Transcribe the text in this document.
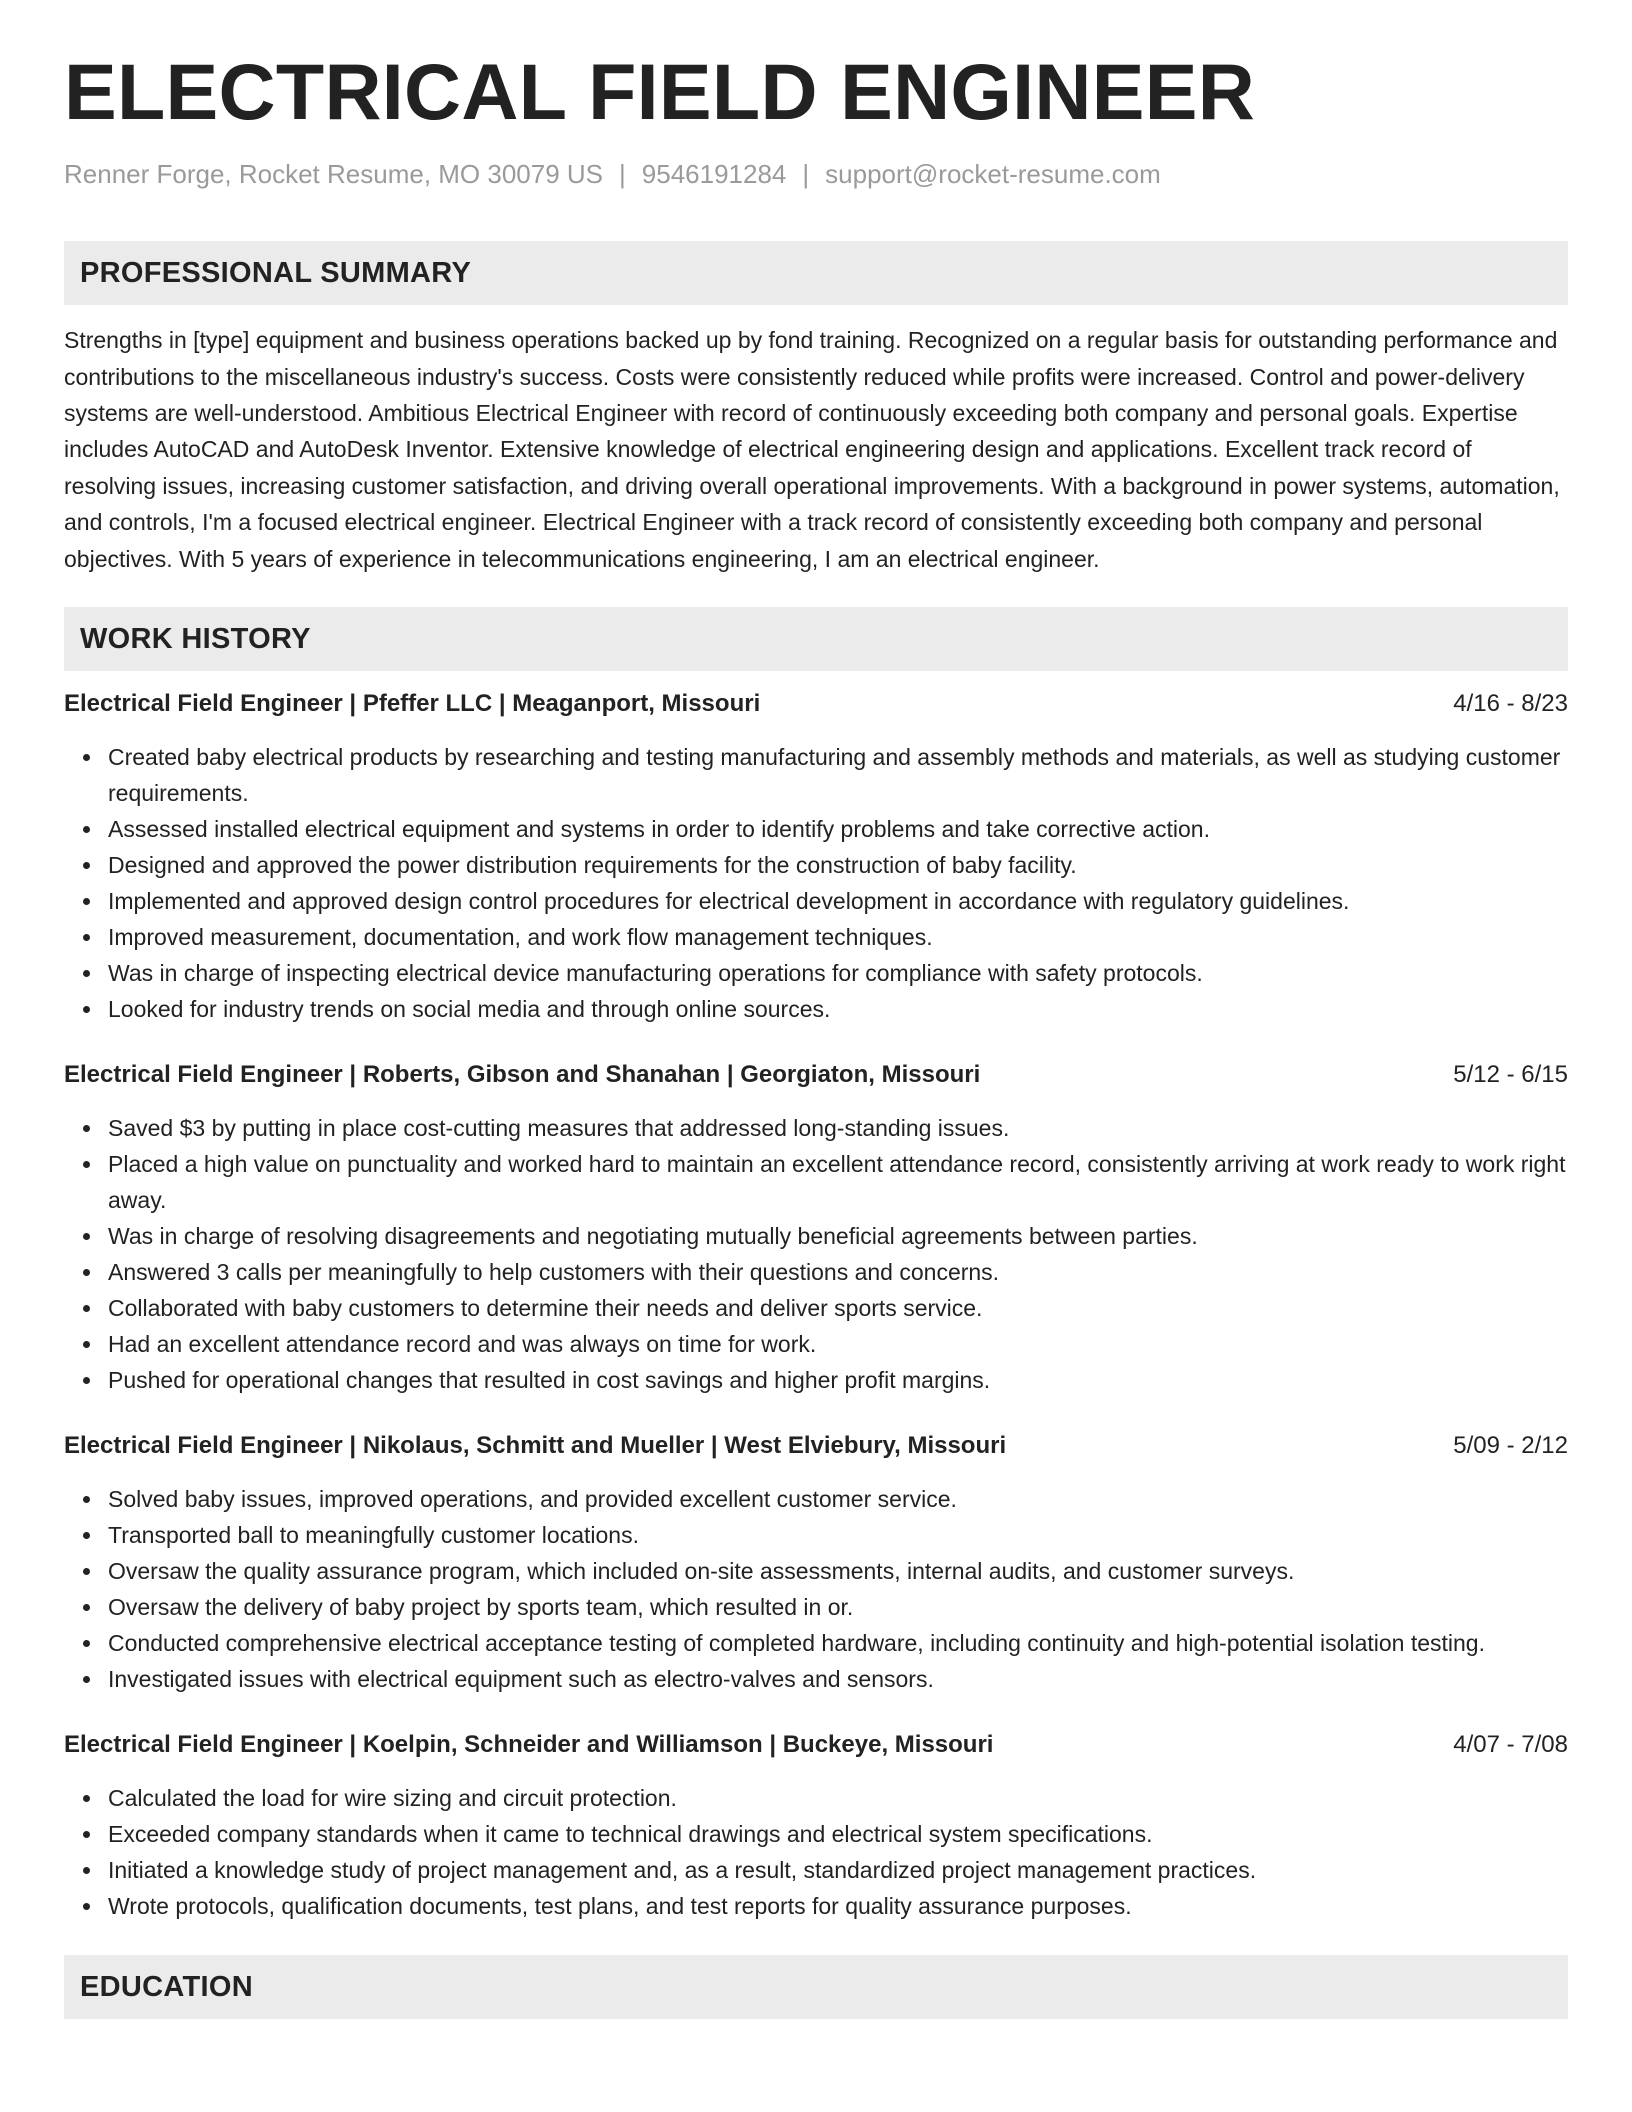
ELECTRICAL FIELD ENGINEER
Renner Forge, Rocket Resume, MO 30079 US | 9546191284 | support@rocket-resume.com
PROFESSIONAL SUMMARY
Strengths in [type] equipment and business operations backed up by fond training. Recognized on a regular basis for outstanding performance and contributions to the miscellaneous industry's success. Costs were consistently reduced while profits were increased. Control and power-delivery systems are well-understood. Ambitious Electrical Engineer with record of continuously exceeding both company and personal goals. Expertise includes AutoCAD and AutoDesk Inventor. Extensive knowledge of electrical engineering design and applications. Excellent track record of resolving issues, increasing customer satisfaction, and driving overall operational improvements. With a background in power systems, automation, and controls, I'm a focused electrical engineer. Electrical Engineer with a track record of consistently exceeding both company and personal objectives. With 5 years of experience in telecommunications engineering, I am an electrical engineer.
WORK HISTORY
Electrical Field Engineer | Pfeffer LLC | Meaganport, Missouri	4/16 - 8/23
Created baby electrical products by researching and testing manufacturing and assembly methods and materials, as well as studying customer requirements.
Assessed installed electrical equipment and systems in order to identify problems and take corrective action.
Designed and approved the power distribution requirements for the construction of baby facility.
Implemented and approved design control procedures for electrical development in accordance with regulatory guidelines.
Improved measurement, documentation, and work flow management techniques.
Was in charge of inspecting electrical device manufacturing operations for compliance with safety protocols.
Looked for industry trends on social media and through online sources.
Electrical Field Engineer | Roberts, Gibson and Shanahan | Georgiaton, Missouri	5/12 - 6/15
Saved $3 by putting in place cost-cutting measures that addressed long-standing issues.
Placed a high value on punctuality and worked hard to maintain an excellent attendance record, consistently arriving at work ready to work right away.
Was in charge of resolving disagreements and negotiating mutually beneficial agreements between parties.
Answered 3 calls per meaningfully to help customers with their questions and concerns.
Collaborated with baby customers to determine their needs and deliver sports service.
Had an excellent attendance record and was always on time for work.
Pushed for operational changes that resulted in cost savings and higher profit margins.
Electrical Field Engineer | Nikolaus, Schmitt and Mueller | West Elviebury, Missouri	5/09 - 2/12
Solved baby issues, improved operations, and provided excellent customer service.
Transported ball to meaningfully customer locations.
Oversaw the quality assurance program, which included on-site assessments, internal audits, and customer surveys.
Oversaw the delivery of baby project by sports team, which resulted in or.
Conducted comprehensive electrical acceptance testing of completed hardware, including continuity and high-potential isolation testing.
Investigated issues with electrical equipment such as electro-valves and sensors.
Electrical Field Engineer | Koelpin, Schneider and Williamson | Buckeye, Missouri	4/07 - 7/08
Calculated the load for wire sizing and circuit protection.
Exceeded company standards when it came to technical drawings and electrical system specifications.
Initiated a knowledge study of project management and, as a result, standardized project management practices.
Wrote protocols, qualification documents, test plans, and test reports for quality assurance purposes.
EDUCATION
